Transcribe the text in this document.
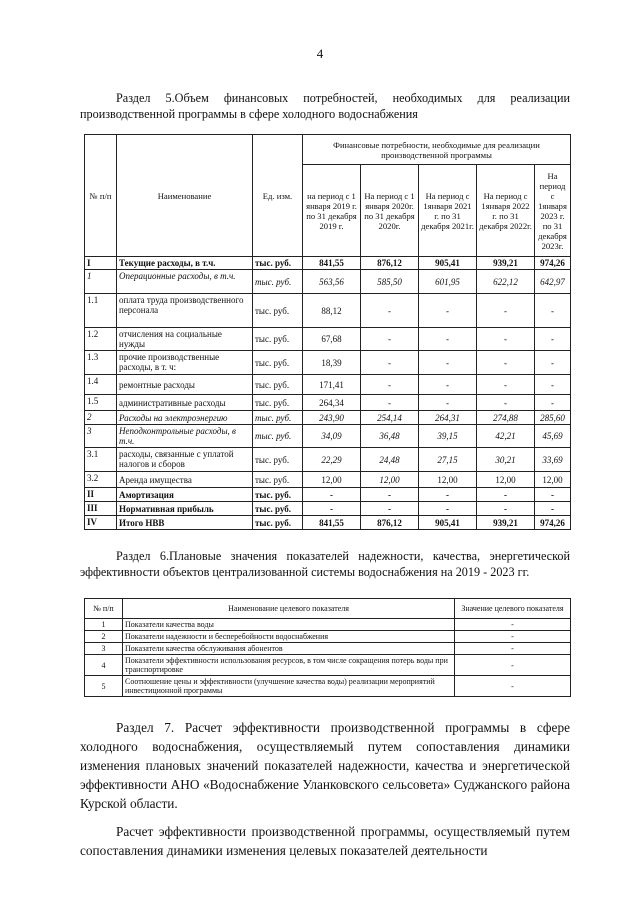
4
Раздел 5.Объем финансовых потребностей, необходимых для реализации производственной программы в сфере холодного водоснабжения
№ п/п	Наименование	Ед. изм.	Финансовые потребности, необходимые для реализации производственной программы				
			на период с 1 января 2019 г. по 31 декабря 2019 г.	На период с 1 января 2020г. по 31 декабря 2020г.	На период с 1января 2021 г. по 31 декабря 2021г.	На период с 1января 2022 г. по 31 декабря 2022г.	На период с 1января 2023 г. по 31 декабря 2023г.
I	Текущие расходы, в т.ч.	тыс. руб.	841,55	876,12	905,41	939,21	974,26
1	Операционные расходы, в т.ч.	тыс. руб.	563,56	585,50	601,95	622,12	642,97
1.1	оплата труда производственного персонала	тыс. руб.	88,12	-	-	-	-
1.2	отчисления на социальные нужды	тыс. руб.	67,68	-	-	-	-
1.3	прочие производственные расходы, в т. ч:	тыс. руб.	18,39	-	-	-	-
1.4	ремонтные расходы	тыс. руб.	171,41	-	-	-	-
1.5	административные расходы	тыс. руб.	264,34	-	-	-	-
2	Расходы на электроэнергию	тыс. руб.	243,90	254,14	264,31	274,88	285,60
3	Неподконтрольные расходы, в т.ч.	тыс. руб.	34,09	36,48	39,15	42,21	45,69
3.1	расходы, связанные с уплатой налогов и сборов	тыс. руб.	22,29	24,48	27,15	30,21	33,69
3.2	Аренда имущества	тыс. руб.	12,00	12,00	12,00	12,00	12,00
II	Амортизация	тыс. руб.	-	-	-	-	-
III	Нормативная прибыль	тыс. руб.	-	-	-	-	-
IV	Итого НВВ	тыс. руб.	841,55	876,12	905,41	939,21	974,26
Раздел 6.Плановые значения показателей надежности, качества, энергетической эффективности объектов централизованной системы водоснабжения на 2019 - 2023 гг.
№ п/п	Наименование целевого показателя	Значение целевого показателя
1	Показатели качества воды	-
2	Показатели надежности и бесперебойности водоснабжения	-
3	Показатели качества обслуживания абонентов	-
4	Показатели эффективности использования ресурсов, в том числе сокращения потерь воды при транспортировке	-
5	Соотношение цены и эффективности (улучшение качества воды) реализации мероприятий инвестиционной программы	-
Раздел 7. Расчет эффективности производственной программы в сфере холодного водоснабжения, осуществляемый путем сопоставления динамики изменения плановых значений показателей надежности, качества и энергетической эффективности АНО «Водоснабжение Уланковского сельсовета» Суджанского района Курской области.
Расчет эффективности производственной программы, осуществляемый путем сопоставления динамики изменения целевых показателей деятельности
